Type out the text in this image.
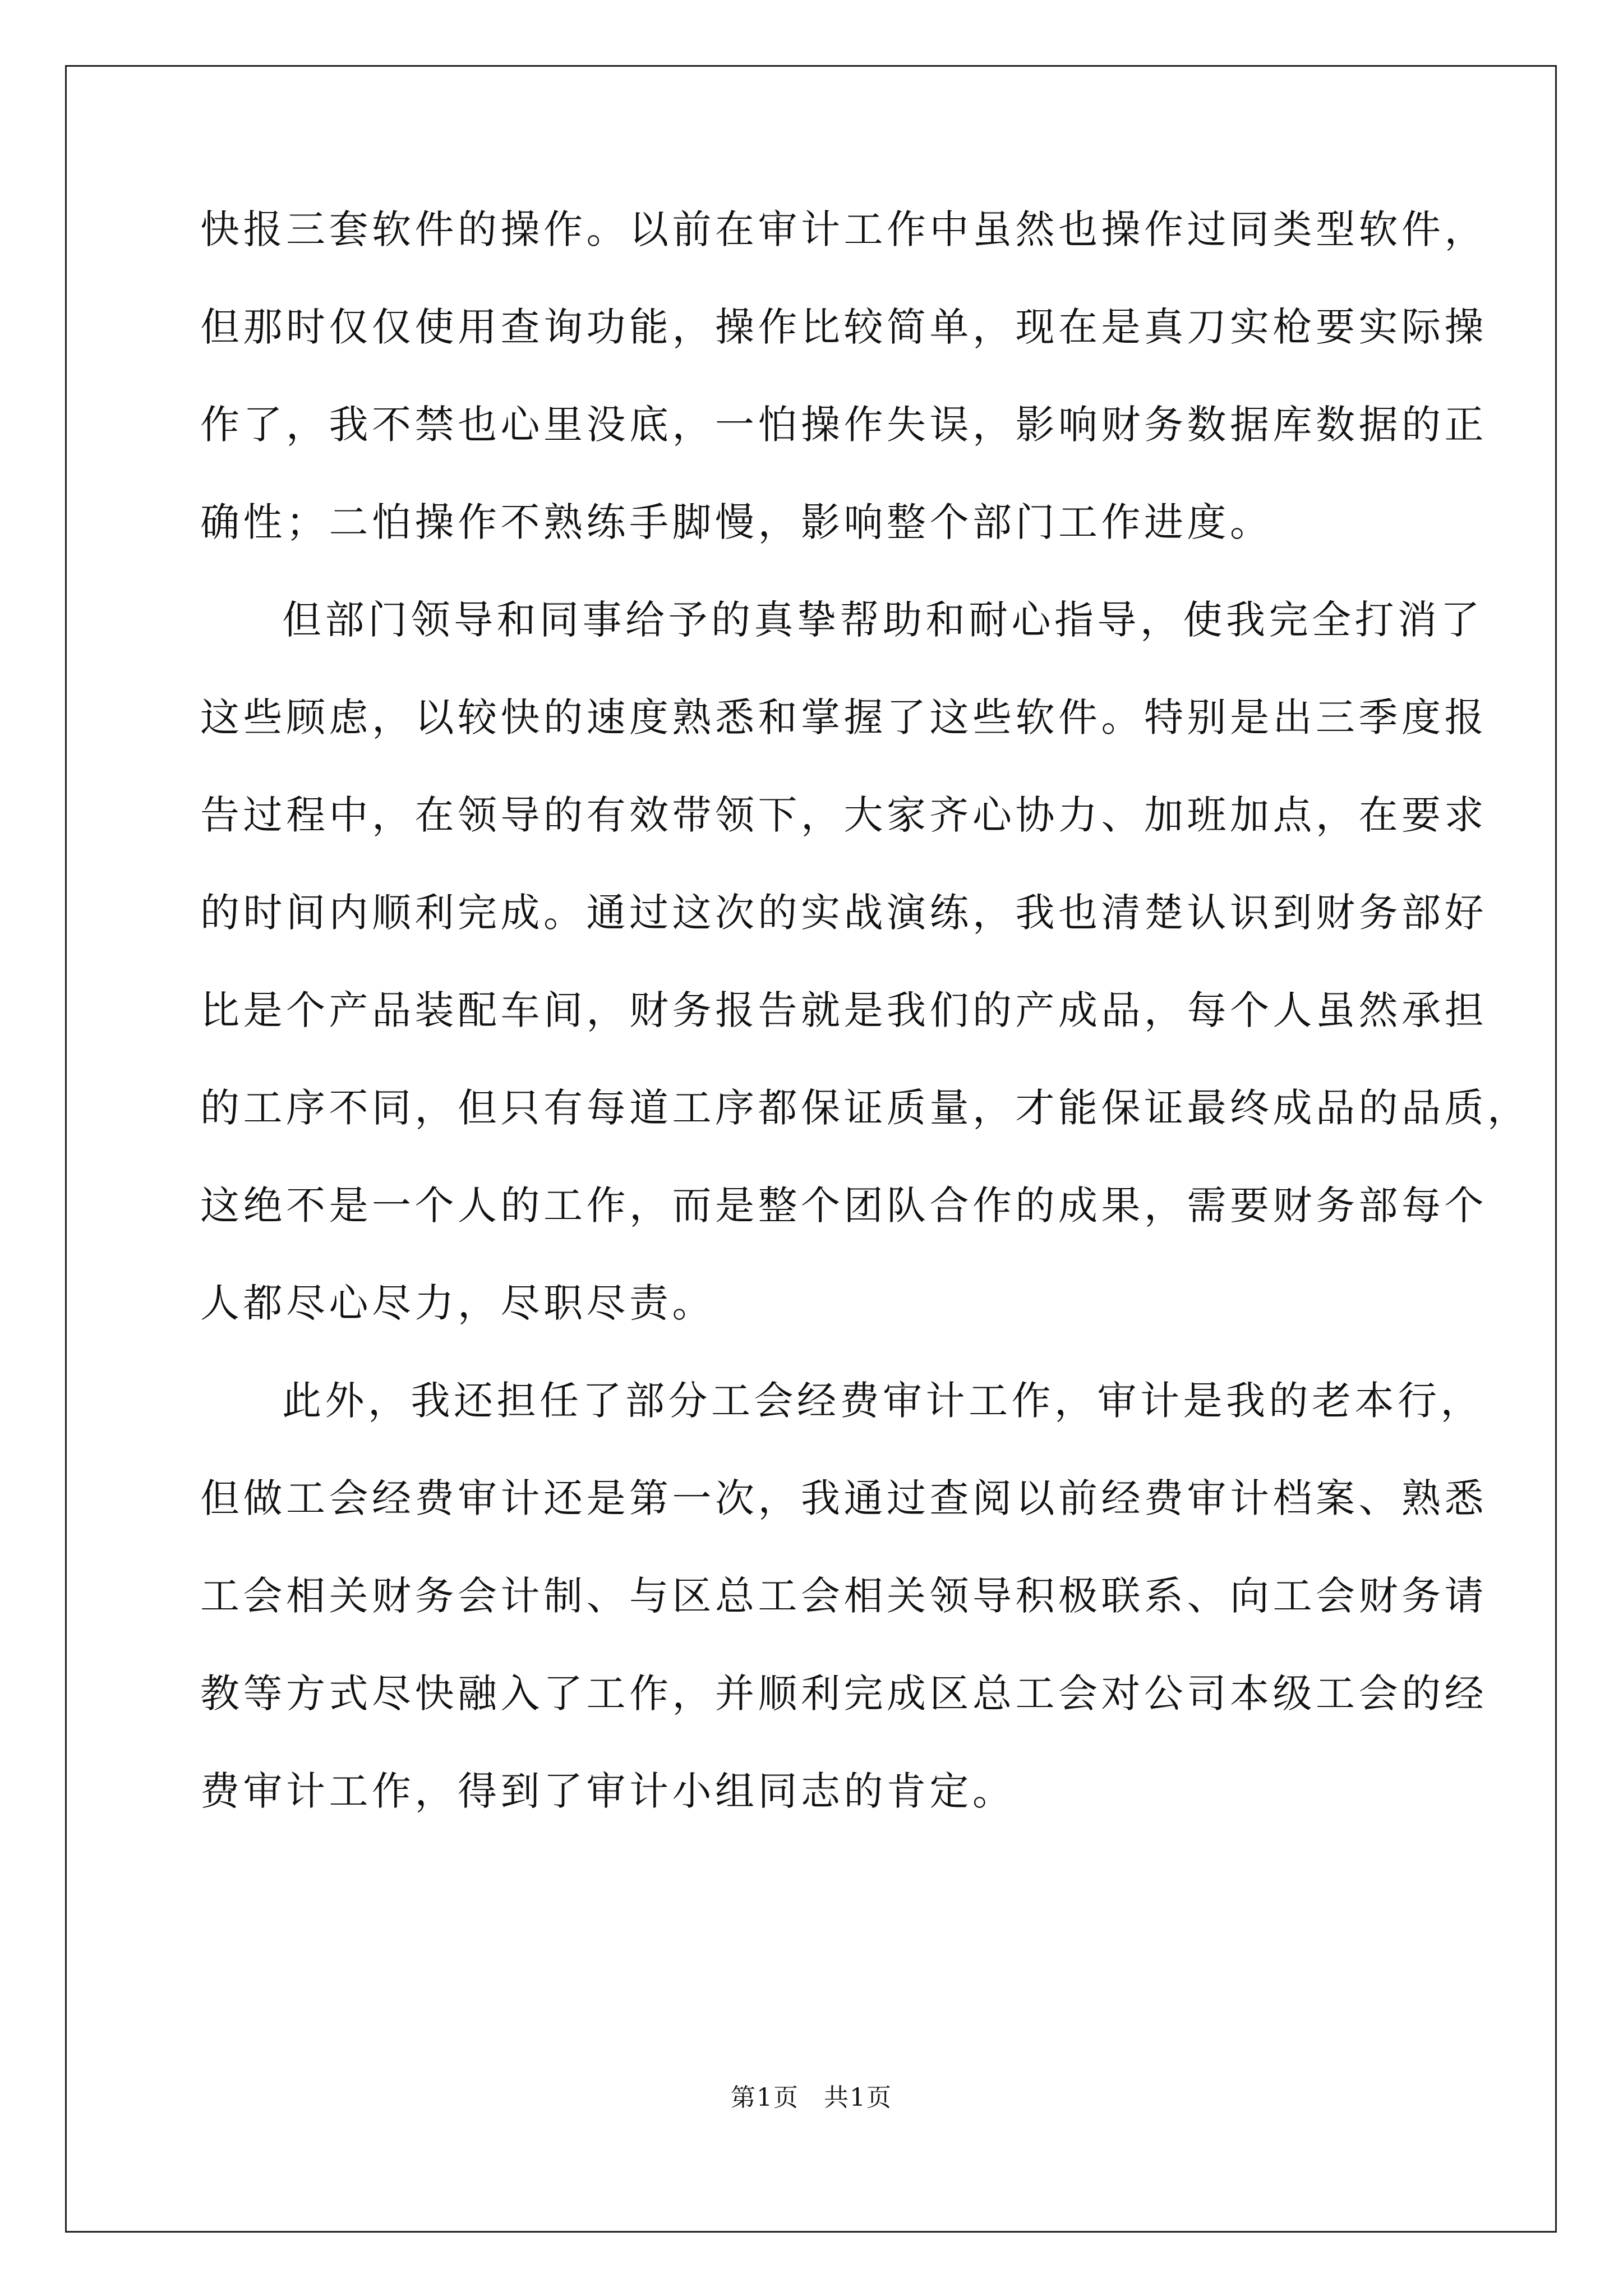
快报三套软件的操作。以前在审计工作中虽然也操作过同类型软件，
但那时仅仅使用查询功能，操作比较简单，现在是真刀实枪要实际操
作了，我不禁也心里没底，一怕操作失误，影响财务数据库数据的正
确性；二怕操作不熟练手脚慢，影响整个部门工作进度。
但部门领导和同事给予的真挚帮助和耐心指导，使我完全打消了
这些顾虑，以较快的速度熟悉和掌握了这些软件。特别是出三季度报
告过程中，在领导的有效带领下，大家齐心协力、加班加点，在要求
的时间内顺利完成。通过这次的实战演练，我也清楚认识到财务部好
比是个产品装配车间，财务报告就是我们的产成品，每个人虽然承担
的工序不同，但只有每道工序都保证质量，才能保证最终成品的品质，
这绝不是一个人的工作，而是整个团队合作的成果，需要财务部每个
人都尽心尽力，尽职尽责。
此外，我还担任了部分工会经费审计工作，审计是我的老本行，
但做工会经费审计还是第一次，我通过查阅以前经费审计档案、熟悉
工会相关财务会计制、与区总工会相关领导积极联系、向工会财务请
教等方式尽快融入了工作，并顺利完成区总工会对公司本级工会的经
费审计工作，得到了审计小组同志的肯定。
第1页 共1页
